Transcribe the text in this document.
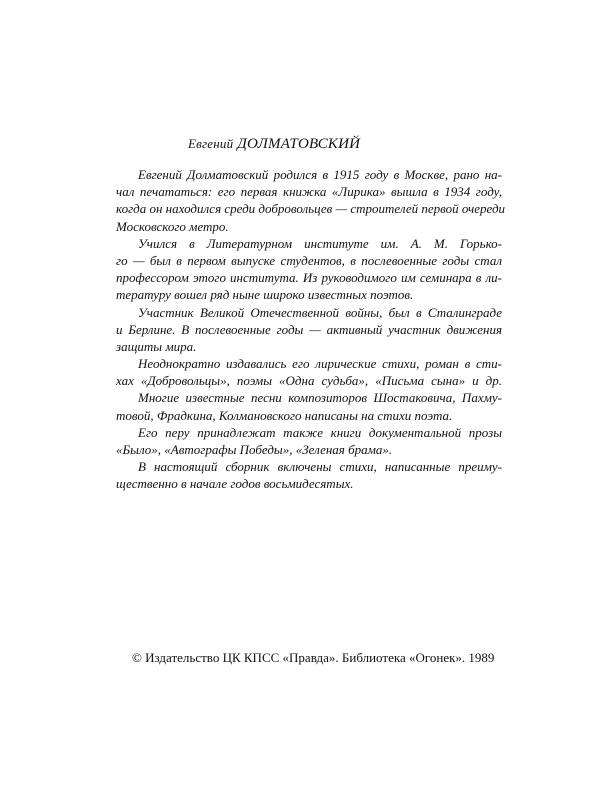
Евгений ДОЛМАТОВСКИЙ
Евгений Долматовский родился в 1915 году в Москве, рано на-
чал печататься: его первая книжка «Лирика» вышла в 1934 году,
когда он находился среди добровольцев — строителей первой очереди
Московского метро.
Учился в Литературном институте им. А. М. Горько-
го — был в первом выпуске студентов, в послевоенные годы стал
профессором этого института. Из руководимого им семинара в ли-
тературу вошел ряд ныне широко известных поэтов.
Участник Великой Отечественной войны, был в Сталинграде
и Берлине. В послевоенные годы — активный участник движения
защиты мира.
Неоднократно издавались его лирические стихи, роман в сти-
хах «Добровольцы», поэмы «Одна судьба», «Письма сына» и др.
Многие известные песни композиторов Шостаковича, Пахму-
товой, Фрадкина, Колмановского написаны на стихи поэта.
Его перу принадлежат также книги документальной прозы
«Было», «Автографы Победы», «Зеленая брама».
В настоящий сборник включены стихи, написанные преиму-
щественно в начале годов восьмидесятых.
© Издательство ЦК КПСС «Правда». Библиотека «Огонек». 1989
